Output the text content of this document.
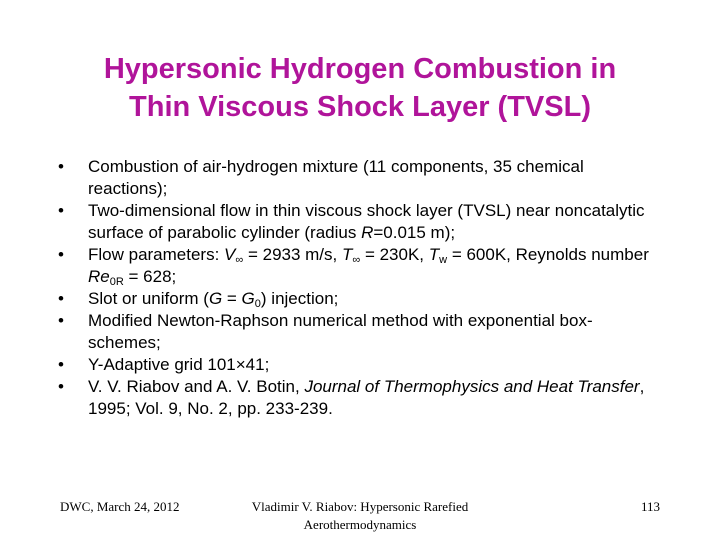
Hypersonic Hydrogen Combustion in
Thin Viscous Shock Layer (TVSL)
• Combustion of air-hydrogen mixture (11 components, 35 chemical reactions);
• Two-dimensional flow in thin viscous shock layer (TVSL) near noncatalytic surface of parabolic cylinder (radius R=0.015 m);
• Flow parameters: $V_\infty = 2933$ m/s, $T_\infty = 230K$, $T_w = 600K$, Reynolds number $Re_{0R} = 628$;
• Slot or uniform $(G = G_0)$ injection;
• Modified Newton-Raphson numerical method with exponential box-schemes;
• Y-Adaptive grid 101×41;
• V. V. Riabov and A. V. Botin, Journal of Thermophysics and Heat Transfer, 1995; Vol. 9, No. 2, pp. 233-239.
DWC, March 24, 2012	Vladimir V. Riabov: Hypersonic Rarefied Aerothermodynamics
113
